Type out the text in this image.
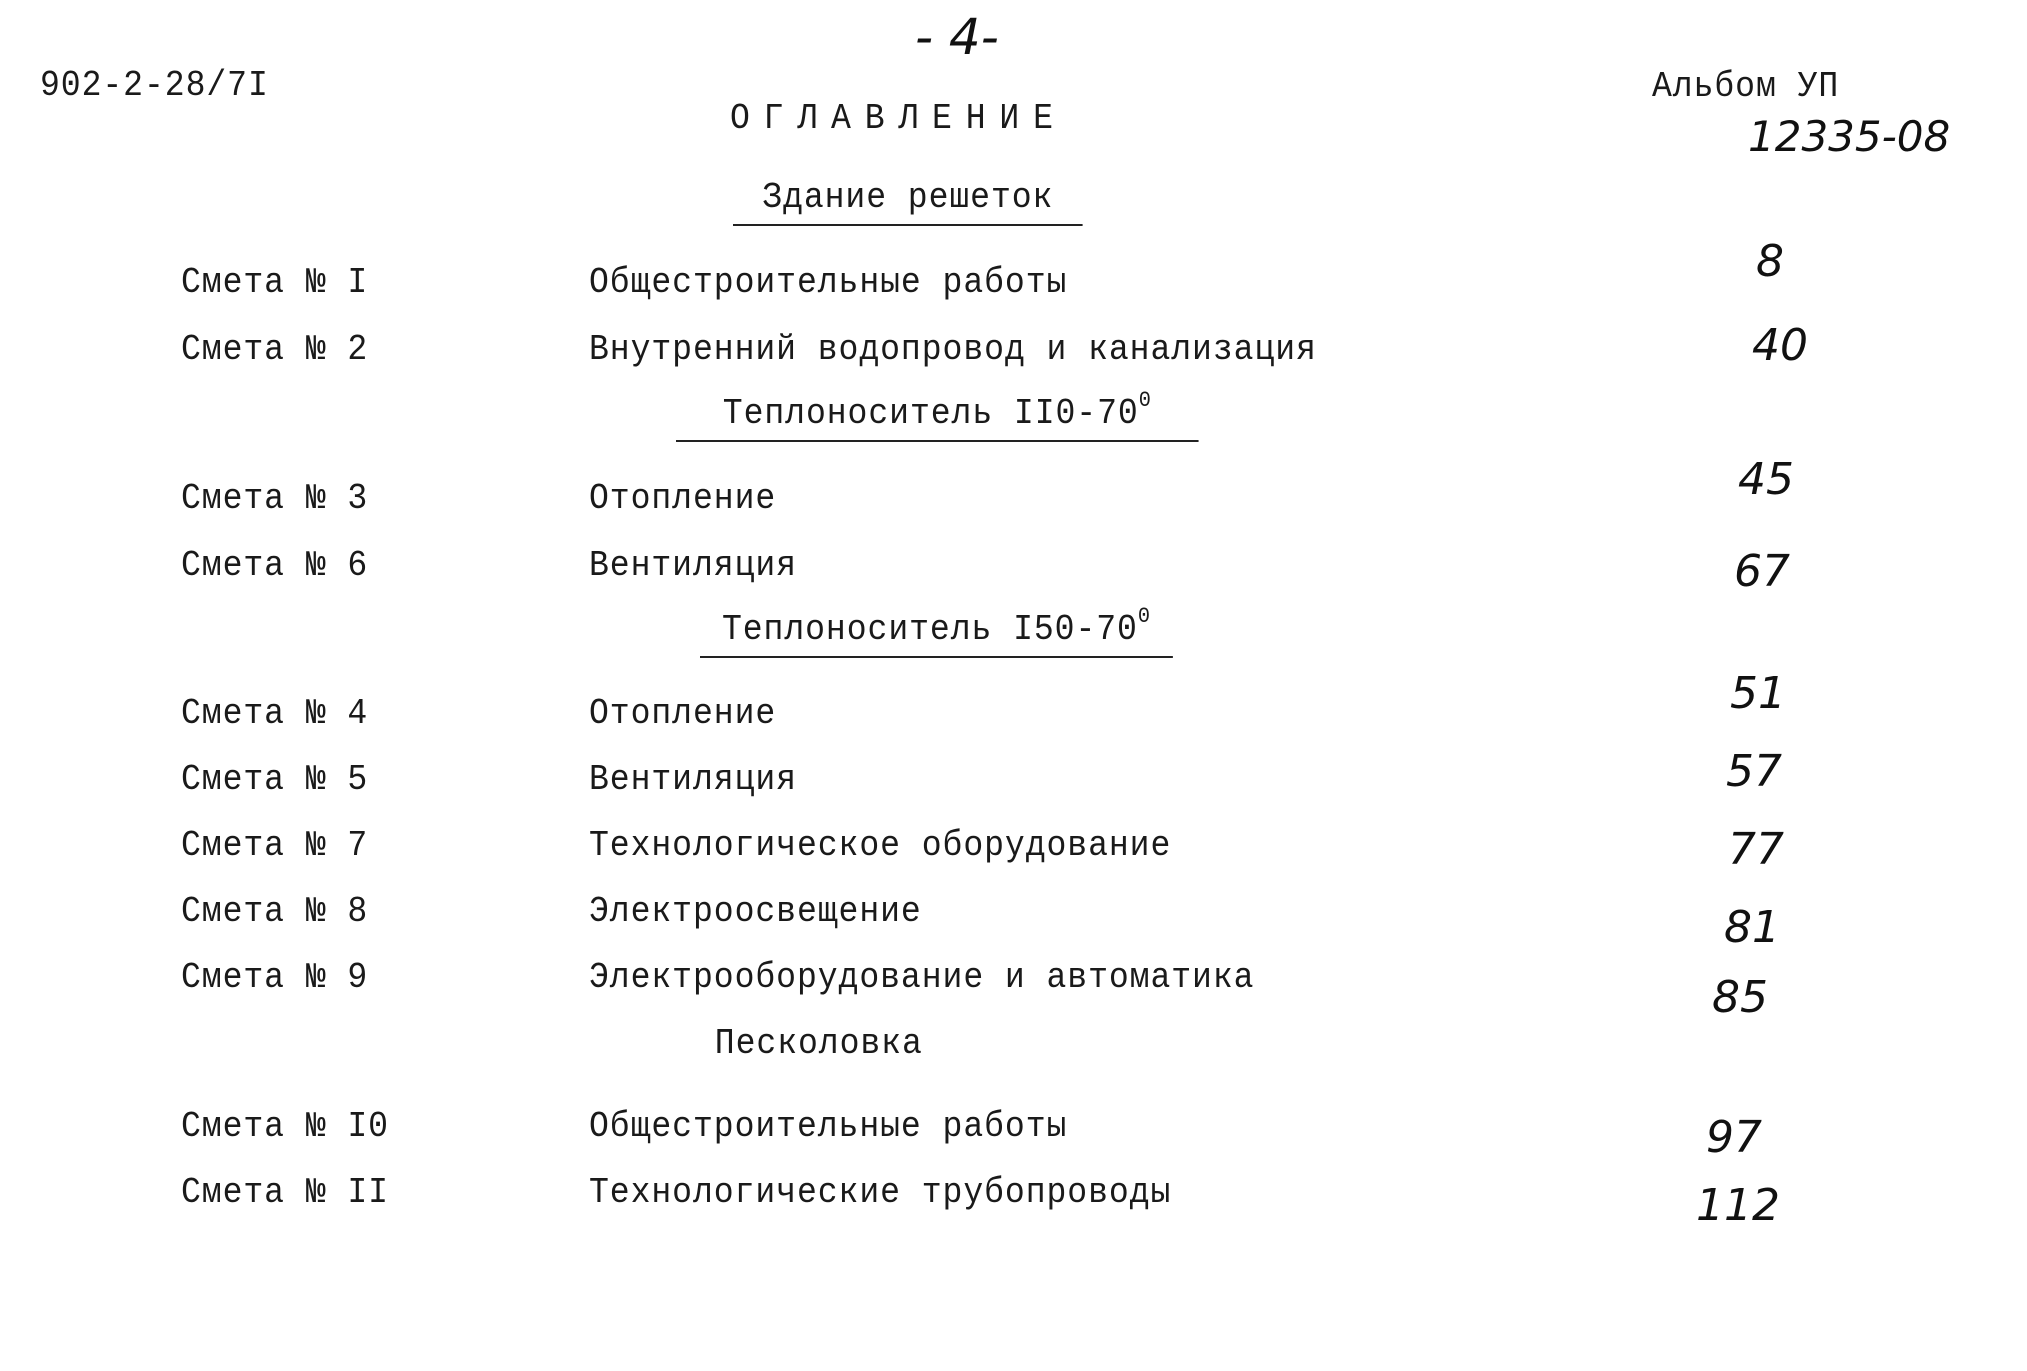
- 4-
902-2-28/7I	Альбом УП
12335-08
ОГЛАВЛЕНИЕ
Здание решеток
Смета № I	Общестроительные работы	8
Смета № 2	Внутренний водопровод и канализация	40
Теплоноситель $II0-70^0$
Смета № 3	Отопление	45
Смета № 6	Вентиляция	67
Теплоноситель $I50-70^0$
Смета № 4	Отопление	51
Смета № 5	Вентиляция	57
Смета № 7	Технологическое оборудование	77
Смета № 8	Электроосвещение	81
Смета № 9	Электрооборудование и автоматика	85
Песколовка
Смета № I0	Общестроительные работы	97
Смета № II	Технологические трубопроводы	112
